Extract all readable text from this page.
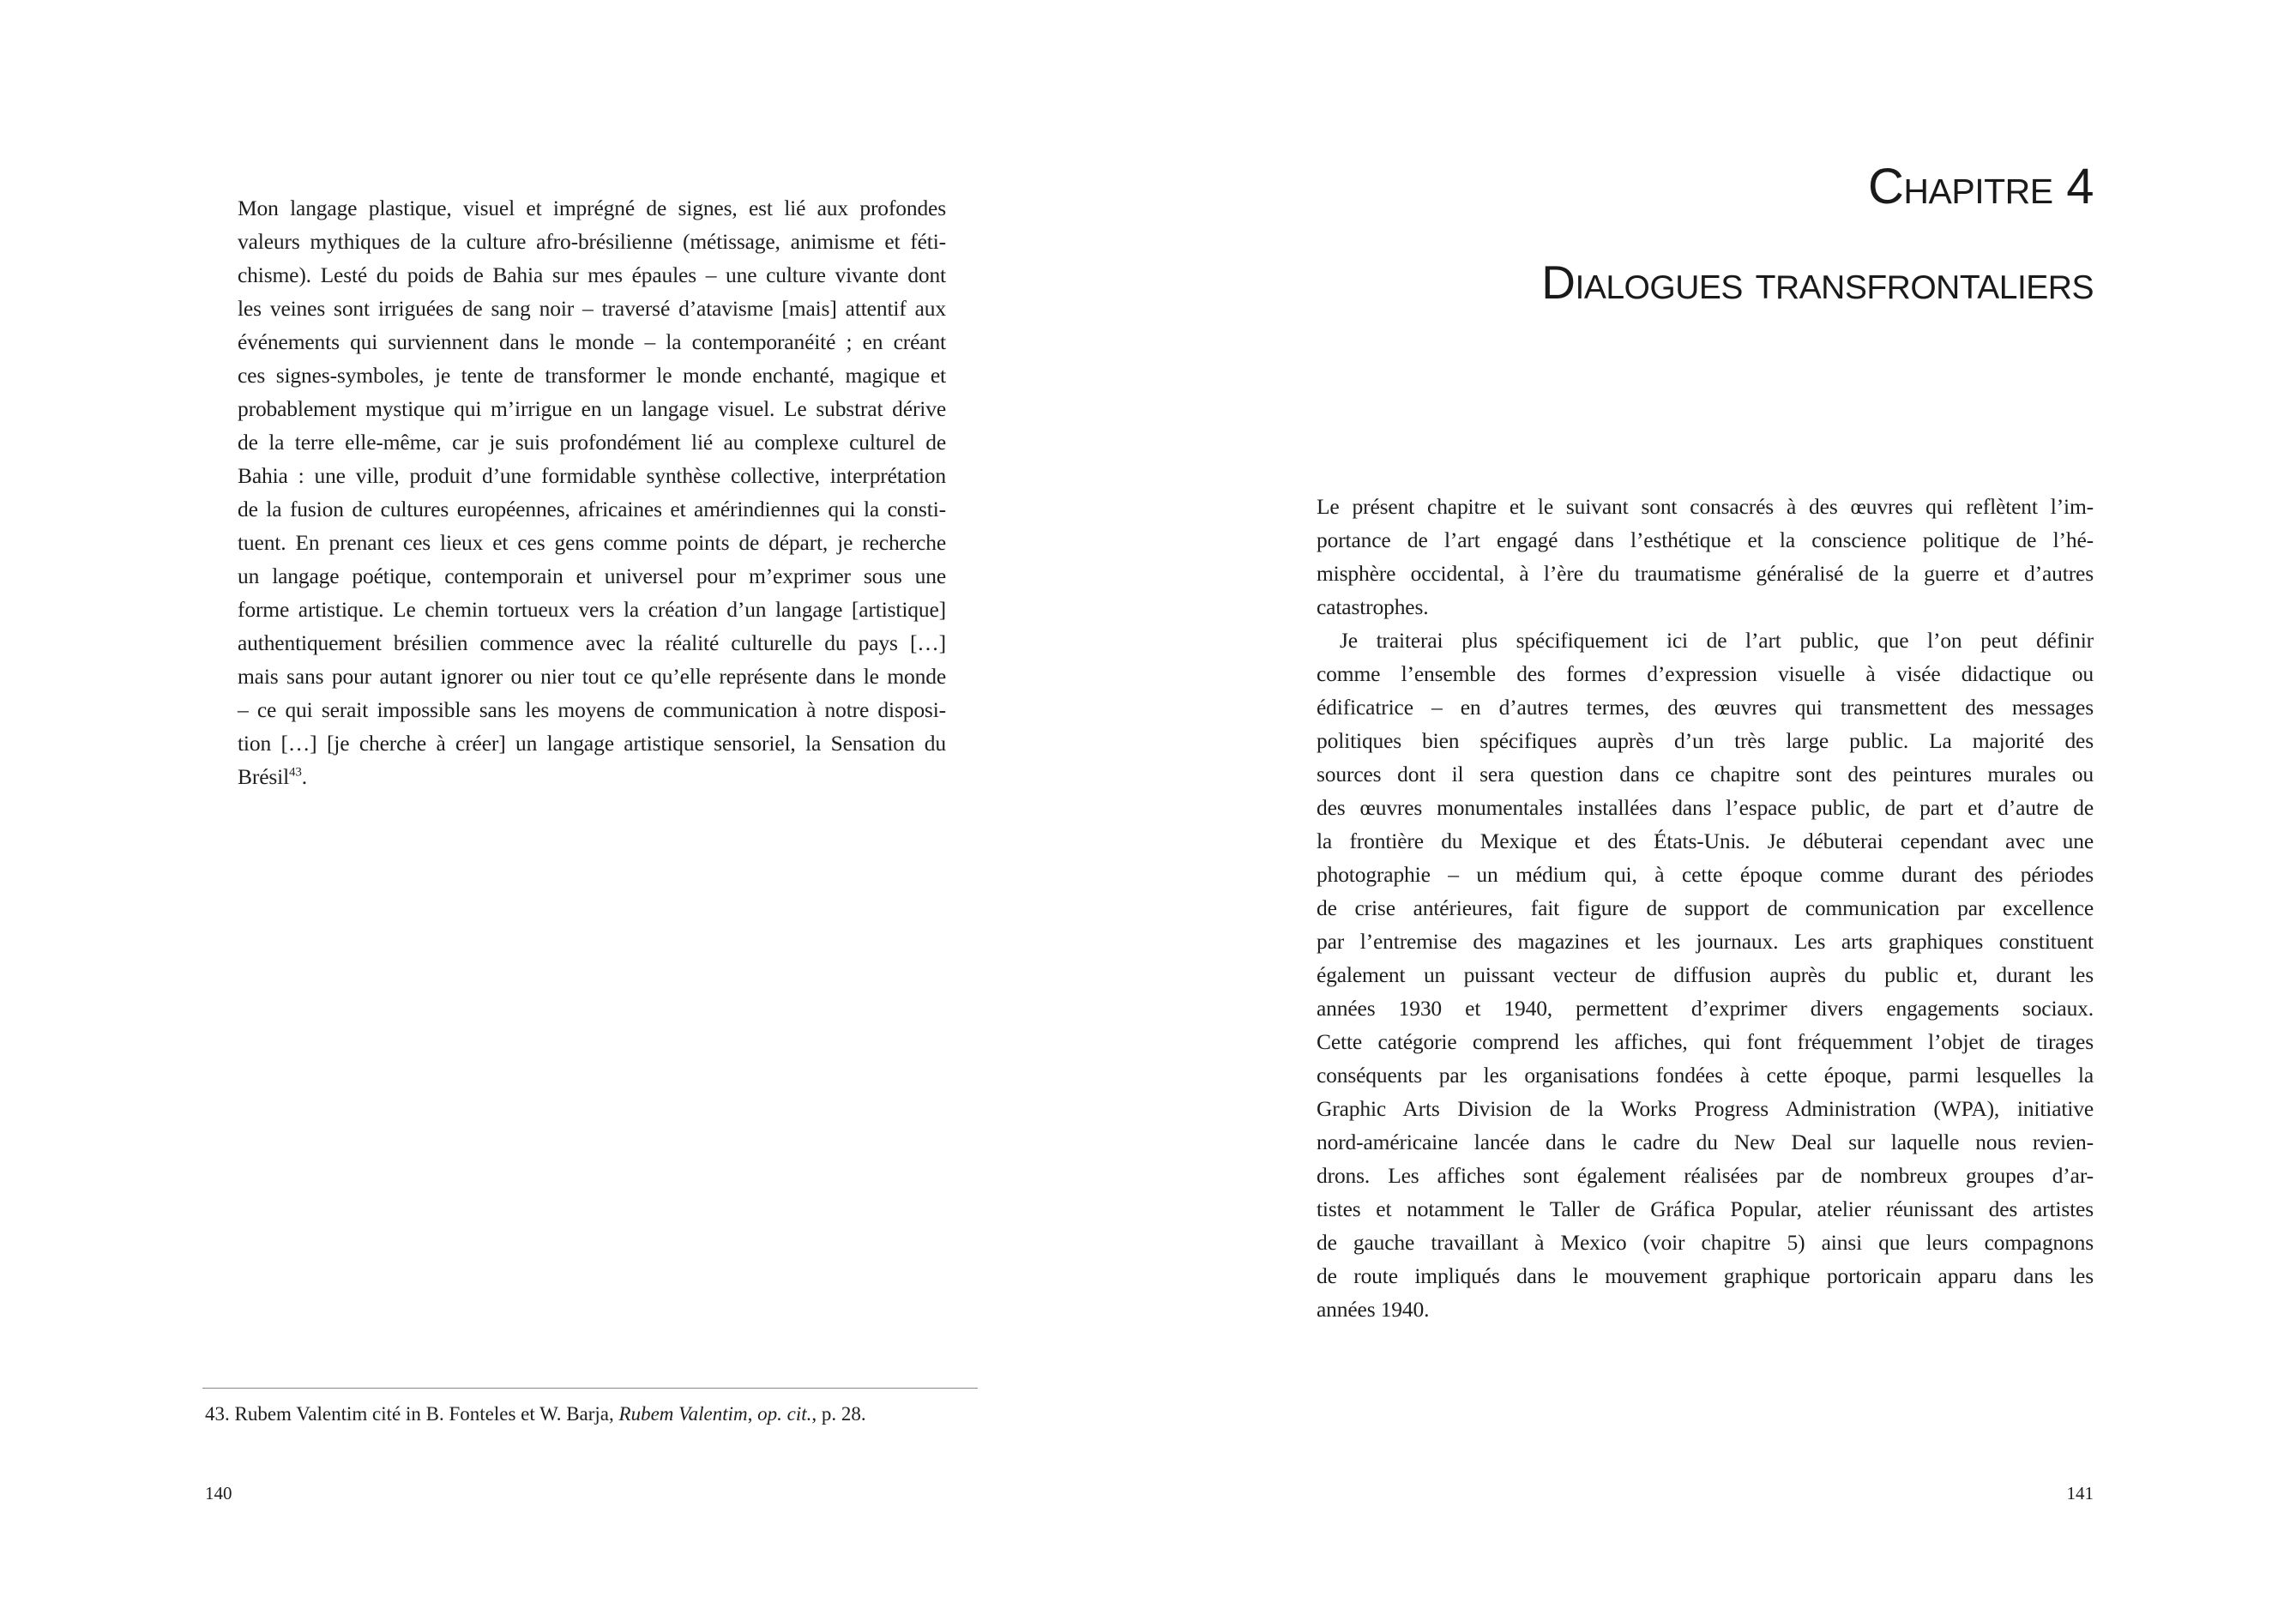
Mon langage plastique, visuel et imprégné de signes, est lié aux profondes
valeurs mythiques de la culture afro-brésilienne (métissage, animisme et féti-
chisme). Lesté du poids de Bahia sur mes épaules – une culture vivante dont
les veines sont irriguées de sang noir – traversé d’atavisme [mais] attentif aux
événements qui surviennent dans le monde – la contemporanéité ; en créant
ces signes-symboles, je tente de transformer le monde enchanté, magique et
probablement mystique qui m’irrigue en un langage visuel. Le substrat dérive
de la terre elle-même, car je suis profondément lié au complexe culturel de
Bahia : une ville, produit d’une formidable synthèse collective, interprétation
de la fusion de cultures européennes, africaines et amérindiennes qui la consti-
tuent. En prenant ces lieux et ces gens comme points de départ, je recherche
un langage poétique, contemporain et universel pour m’exprimer sous une
forme artistique. Le chemin tortueux vers la création d’un langage [artistique]
authentiquement brésilien commence avec la réalité culturelle du pays […]
mais sans pour autant ignorer ou nier tout ce qu’elle représente dans le monde
– ce qui serait impossible sans les moyens de communication à notre disposi-
tion […] [je cherche à créer] un langage artistique sensoriel, la Sensation du
Brésil$^{43}$.
43. Rubem Valentim cité in B. Fonteles et W. Barja, Rubem Valentim, op. cit., p. 28.
140
Chapitre 4
Dialogues transfrontaliers
Le présent chapitre et le suivant sont consacrés à des œuvres qui reflètent l’im-
portance de l’art engagé dans l’esthétique et la conscience politique de l’hé-
misphère occidental, à l’ère du traumatisme généralisé de la guerre et d’autres
catastrophes.
Je traiterai plus spécifiquement ici de l’art public, que l’on peut définir
comme l’ensemble des formes d’expression visuelle à visée didactique ou
édificatrice – en d’autres termes, des œuvres qui transmettent des messages
politiques bien spécifiques auprès d’un très large public. La majorité des
sources dont il sera question dans ce chapitre sont des peintures murales ou
des œuvres monumentales installées dans l’espace public, de part et d’autre de
la frontière du Mexique et des États-Unis. Je débuterai cependant avec une
photographie – un médium qui, à cette époque comme durant des périodes
de crise antérieures, fait figure de support de communication par excellence
par l’entremise des magazines et les journaux. Les arts graphiques constituent
également un puissant vecteur de diffusion auprès du public et, durant les
années 1930 et 1940, permettent d’exprimer divers engagements sociaux.
Cette catégorie comprend les affiches, qui font fréquemment l’objet de tirages
conséquents par les organisations fondées à cette époque, parmi lesquelles la
Graphic Arts Division de la Works Progress Administration (WPA), initiative
nord-américaine lancée dans le cadre du New Deal sur laquelle nous revien-
drons. Les affiches sont également réalisées par de nombreux groupes d’ar-
tistes et notamment le Taller de Gráfica Popular, atelier réunissant des artistes
de gauche travaillant à Mexico (voir chapitre 5) ainsi que leurs compagnons
de route impliqués dans le mouvement graphique portoricain apparu dans les
années 1940.
141
